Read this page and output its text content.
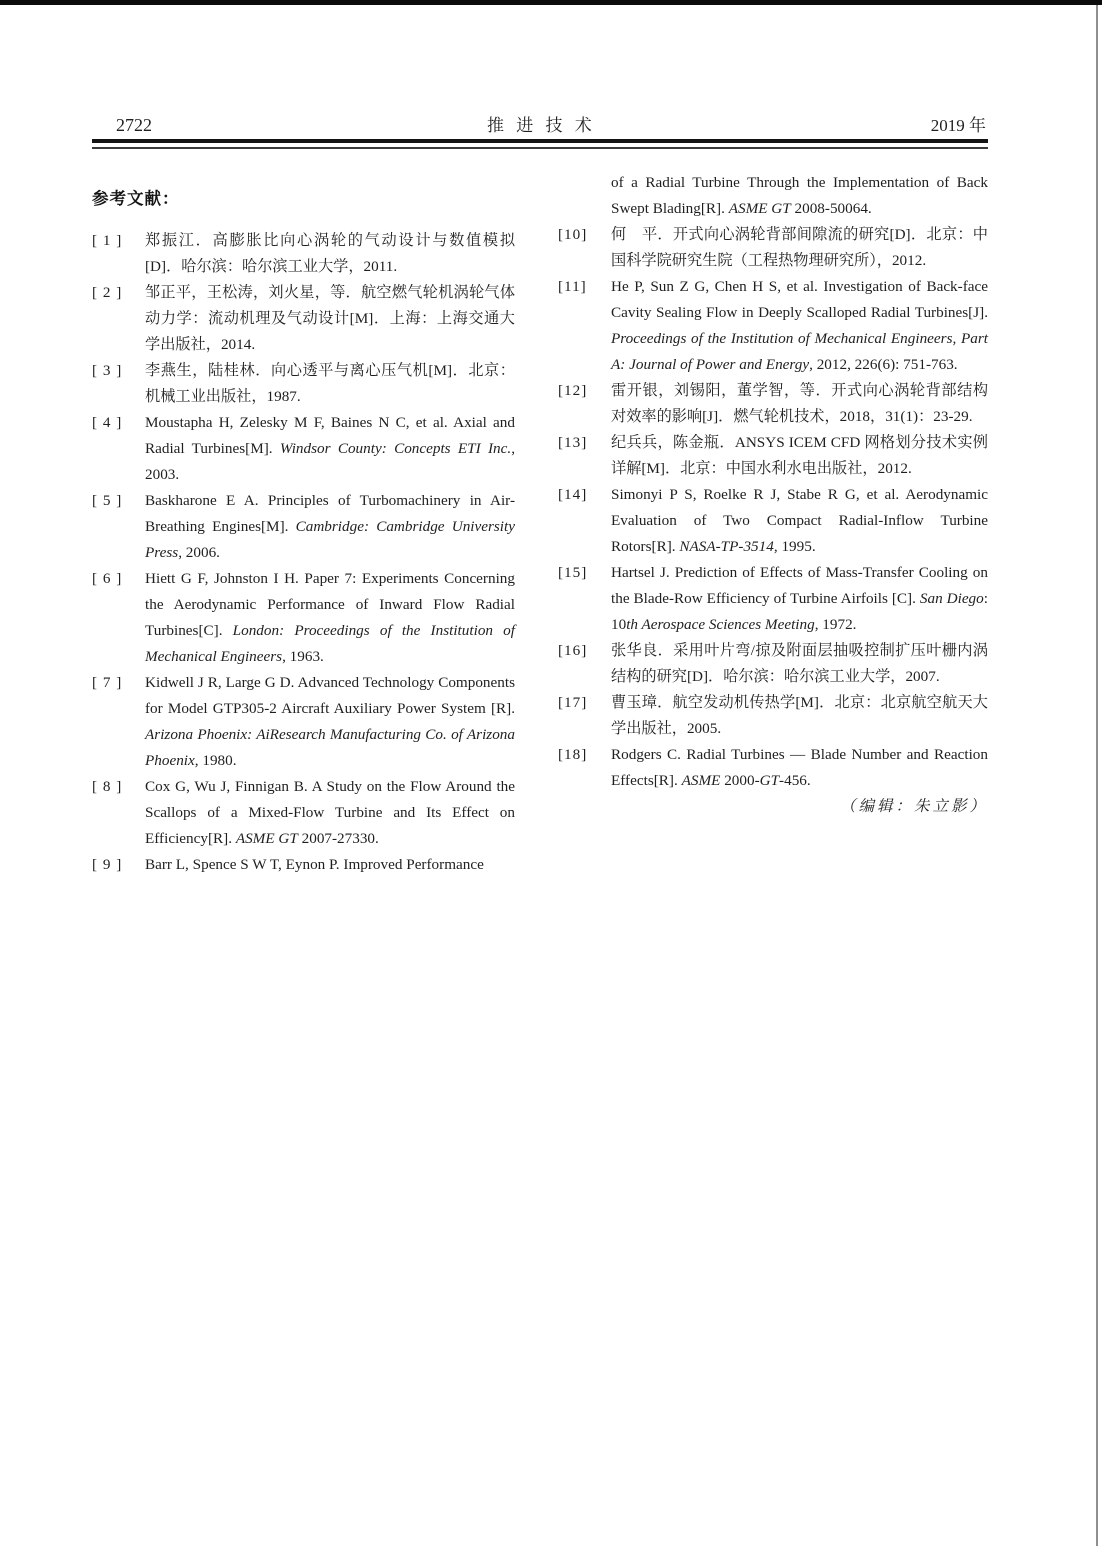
2722	推 进 技 术	2019 年
参考文献：
[ 1 ]	郑振江．高膨胀比向心涡轮的气动设计与数值模拟[D]．哈尔滨：哈尔滨工业大学，2011.
[ 2 ]	邹正平，王松涛，刘火星，等．航空燃气轮机涡轮气体动力学：流动机理及气动设计[M]．上海：上海交通大学出版社，2014.
[ 3 ]	李燕生，陆桂林．向心透平与离心压气机[M]．北京：机械工业出版社，1987.
[ 4 ]	Moustapha H, Zelesky M F, Baines N C, et al. Axial and Radial Turbines[M]. Windsor County: Concepts ETI Inc., 2003.
[ 5 ]	Baskharone E A. Principles of Turbomachinery in Air-Breathing Engines[M]. Cambridge: Cambridge University Press, 2006.
[ 6 ]	Hiett G F, Johnston I H. Paper 7: Experiments Concerning the Aerodynamic Performance of Inward Flow Radial Turbines[C]. London: Proceedings of the Institution of Mechanical Engineers, 1963.
[ 7 ]	Kidwell J R, Large G D. Advanced Technology Components for Model GTP305-2 Aircraft Auxiliary Power System [R]. Arizona Phoenix: AiResearch Manufacturing Co. of Arizona Phoenix, 1980.
[ 8 ]	Cox G, Wu J, Finnigan B. A Study on the Flow Around the Scallops of a Mixed-Flow Turbine and Its Effect on Efficiency[R]. ASME GT 2007-27330.
[ 9 ]	Barr L, Spence S W T, Eynon P. Improved Performance
of a Radial Turbine Through the Implementation of Back Swept Blading[R]. ASME GT 2008-50064.
[10]	何　平．开式向心涡轮背部间隙流的研究[D]．北京：中国科学院研究生院（工程热物理研究所），2012.
[11]	He P, Sun Z G, Chen H S, et al. Investigation of Back-face Cavity Sealing Flow in Deeply Scalloped Radial Turbines[J]. Proceedings of the Institution of Mechanical Engineers, Part A: Journal of Power and Energy, 2012, 226(6): 751-763.
[12]	雷开银，刘锡阳，董学智，等．开式向心涡轮背部结构对效率的影响[J]．燃气轮机技术，2018，31(1)：23-29.
[13]	纪兵兵，陈金瓶．ANSYS ICEM CFD 网格划分技术实例详解[M]．北京：中国水利水电出版社，2012.
[14]	Simonyi P S, Roelke R J, Stabe R G, et al. Aerodynamic Evaluation of Two Compact Radial-Inflow Turbine Rotors[R]. NASA-TP-3514, 1995.
[15]	Hartsel J. Prediction of Effects of Mass-Transfer Cooling on the Blade-Row Efficiency of Turbine Airfoils [C]. San Diego: 10th Aerospace Sciences Meeting, 1972.
[16]	张华良．采用叶片弯/掠及附面层抽吸控制扩压叶栅内涡结构的研究[D]．哈尔滨：哈尔滨工业大学，2007.
[17]	曹玉璋．航空发动机传热学[M]．北京：北京航空航天大学出版社，2005.
[18]	Rodgers C. Radial Turbines — Blade Number and Reaction Effects[R]. ASME 2000-GT-456.
（编辑：朱立影）
